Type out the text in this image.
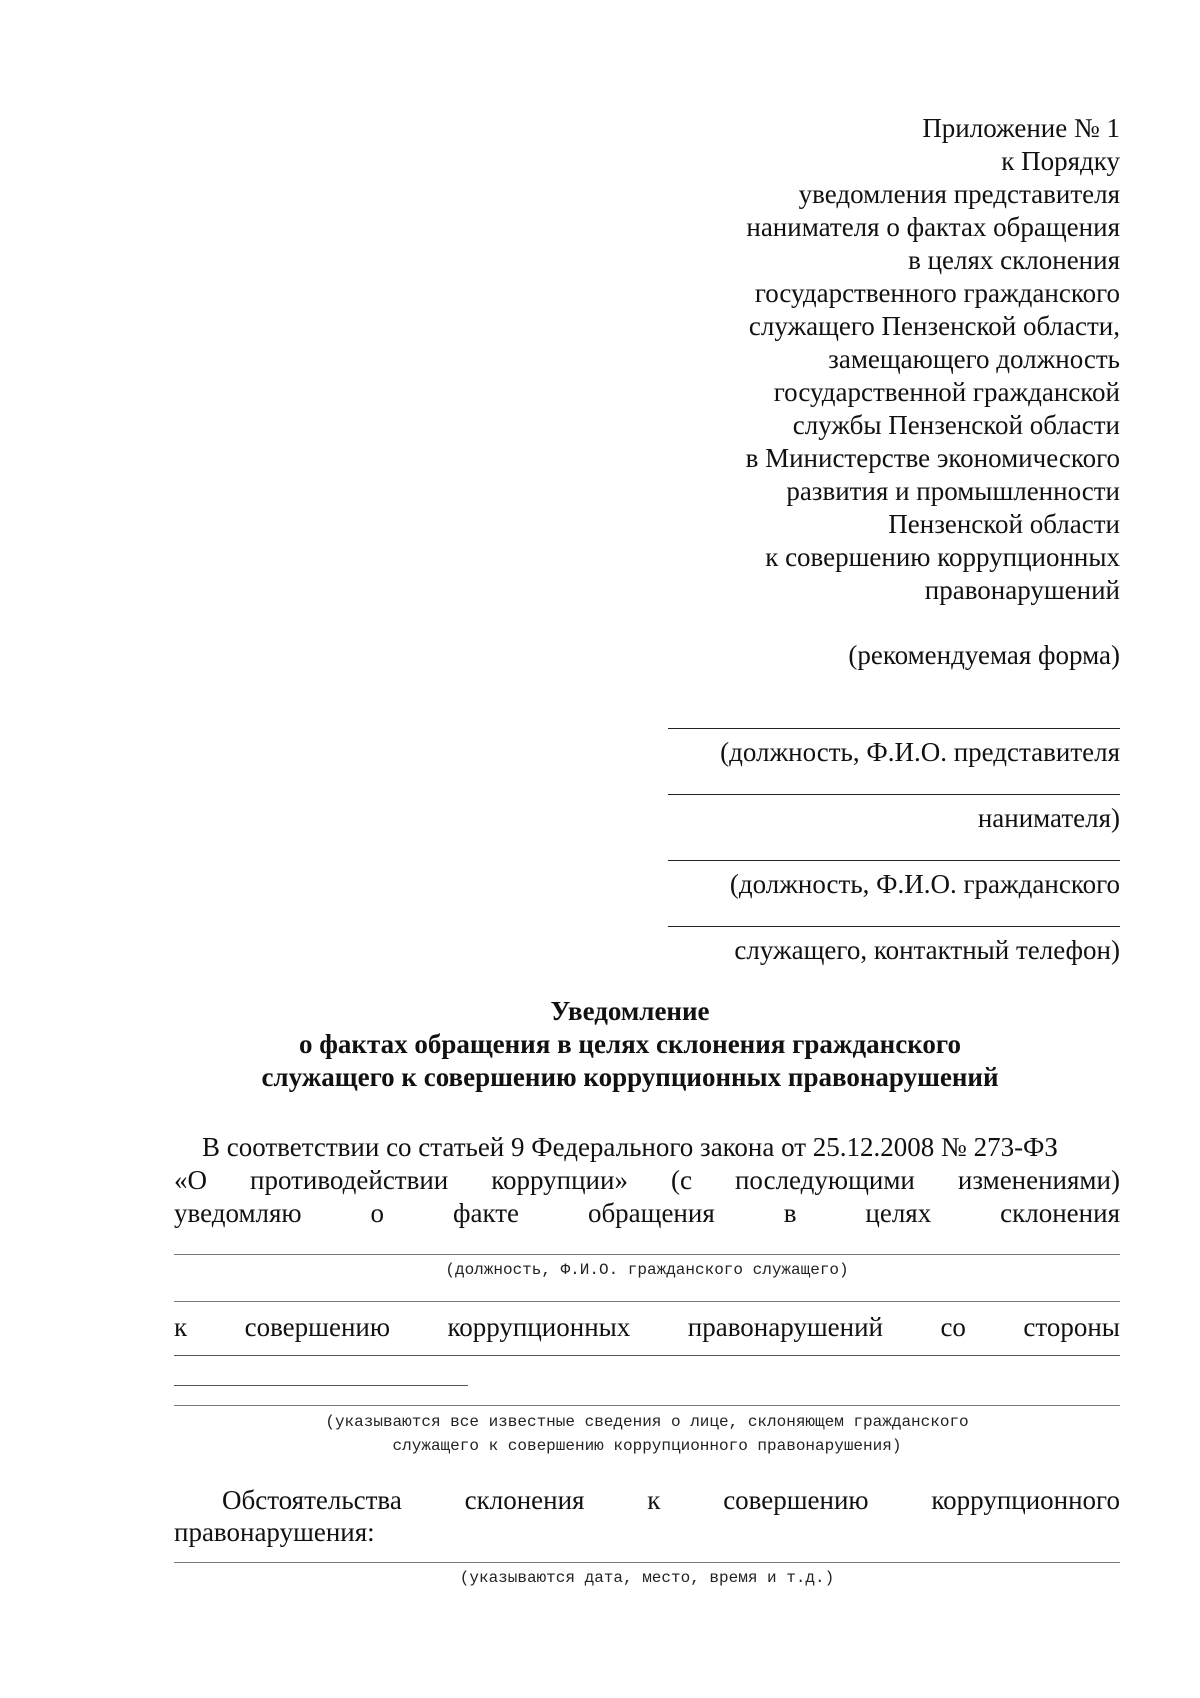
Приложение № 1
к Порядку
уведомления представителя
нанимателя о фактах обращения
в целях склонения
государственного гражданского
служащего Пензенской области,
замещающего должность
государственной гражданской
службы Пензенской области
в Министерстве экономического
развития и промышленности
Пензенской области
к совершению коррупционных
правонарушений
(рекомендуемая форма)
(должность, Ф.И.О. представителя
нанимателя)
(должность, Ф.И.О. гражданского
служащего, контактный телефон)
Уведомление
о фактах обращения в целях склонения гражданского
служащего к совершению коррупционных правонарушений
В соответствии со статьей 9 Федерального закона от 25.12.2008 № 273-ФЗ
«О противодействии коррупции» (с последующими изменениями)
уведомляю	о	факте	обращения	в	целях	склонения
(должность, Ф.И.О. гражданского служащего)
к совершению коррупционных правонарушений со стороны
(указываются все известные сведения о лице, склоняющем гражданского
служащего к совершению коррупционного правонарушения)
Обстоятельства склонения к совершению коррупционного
правонарушения:
(указываются дата, место, время и т.д.)
